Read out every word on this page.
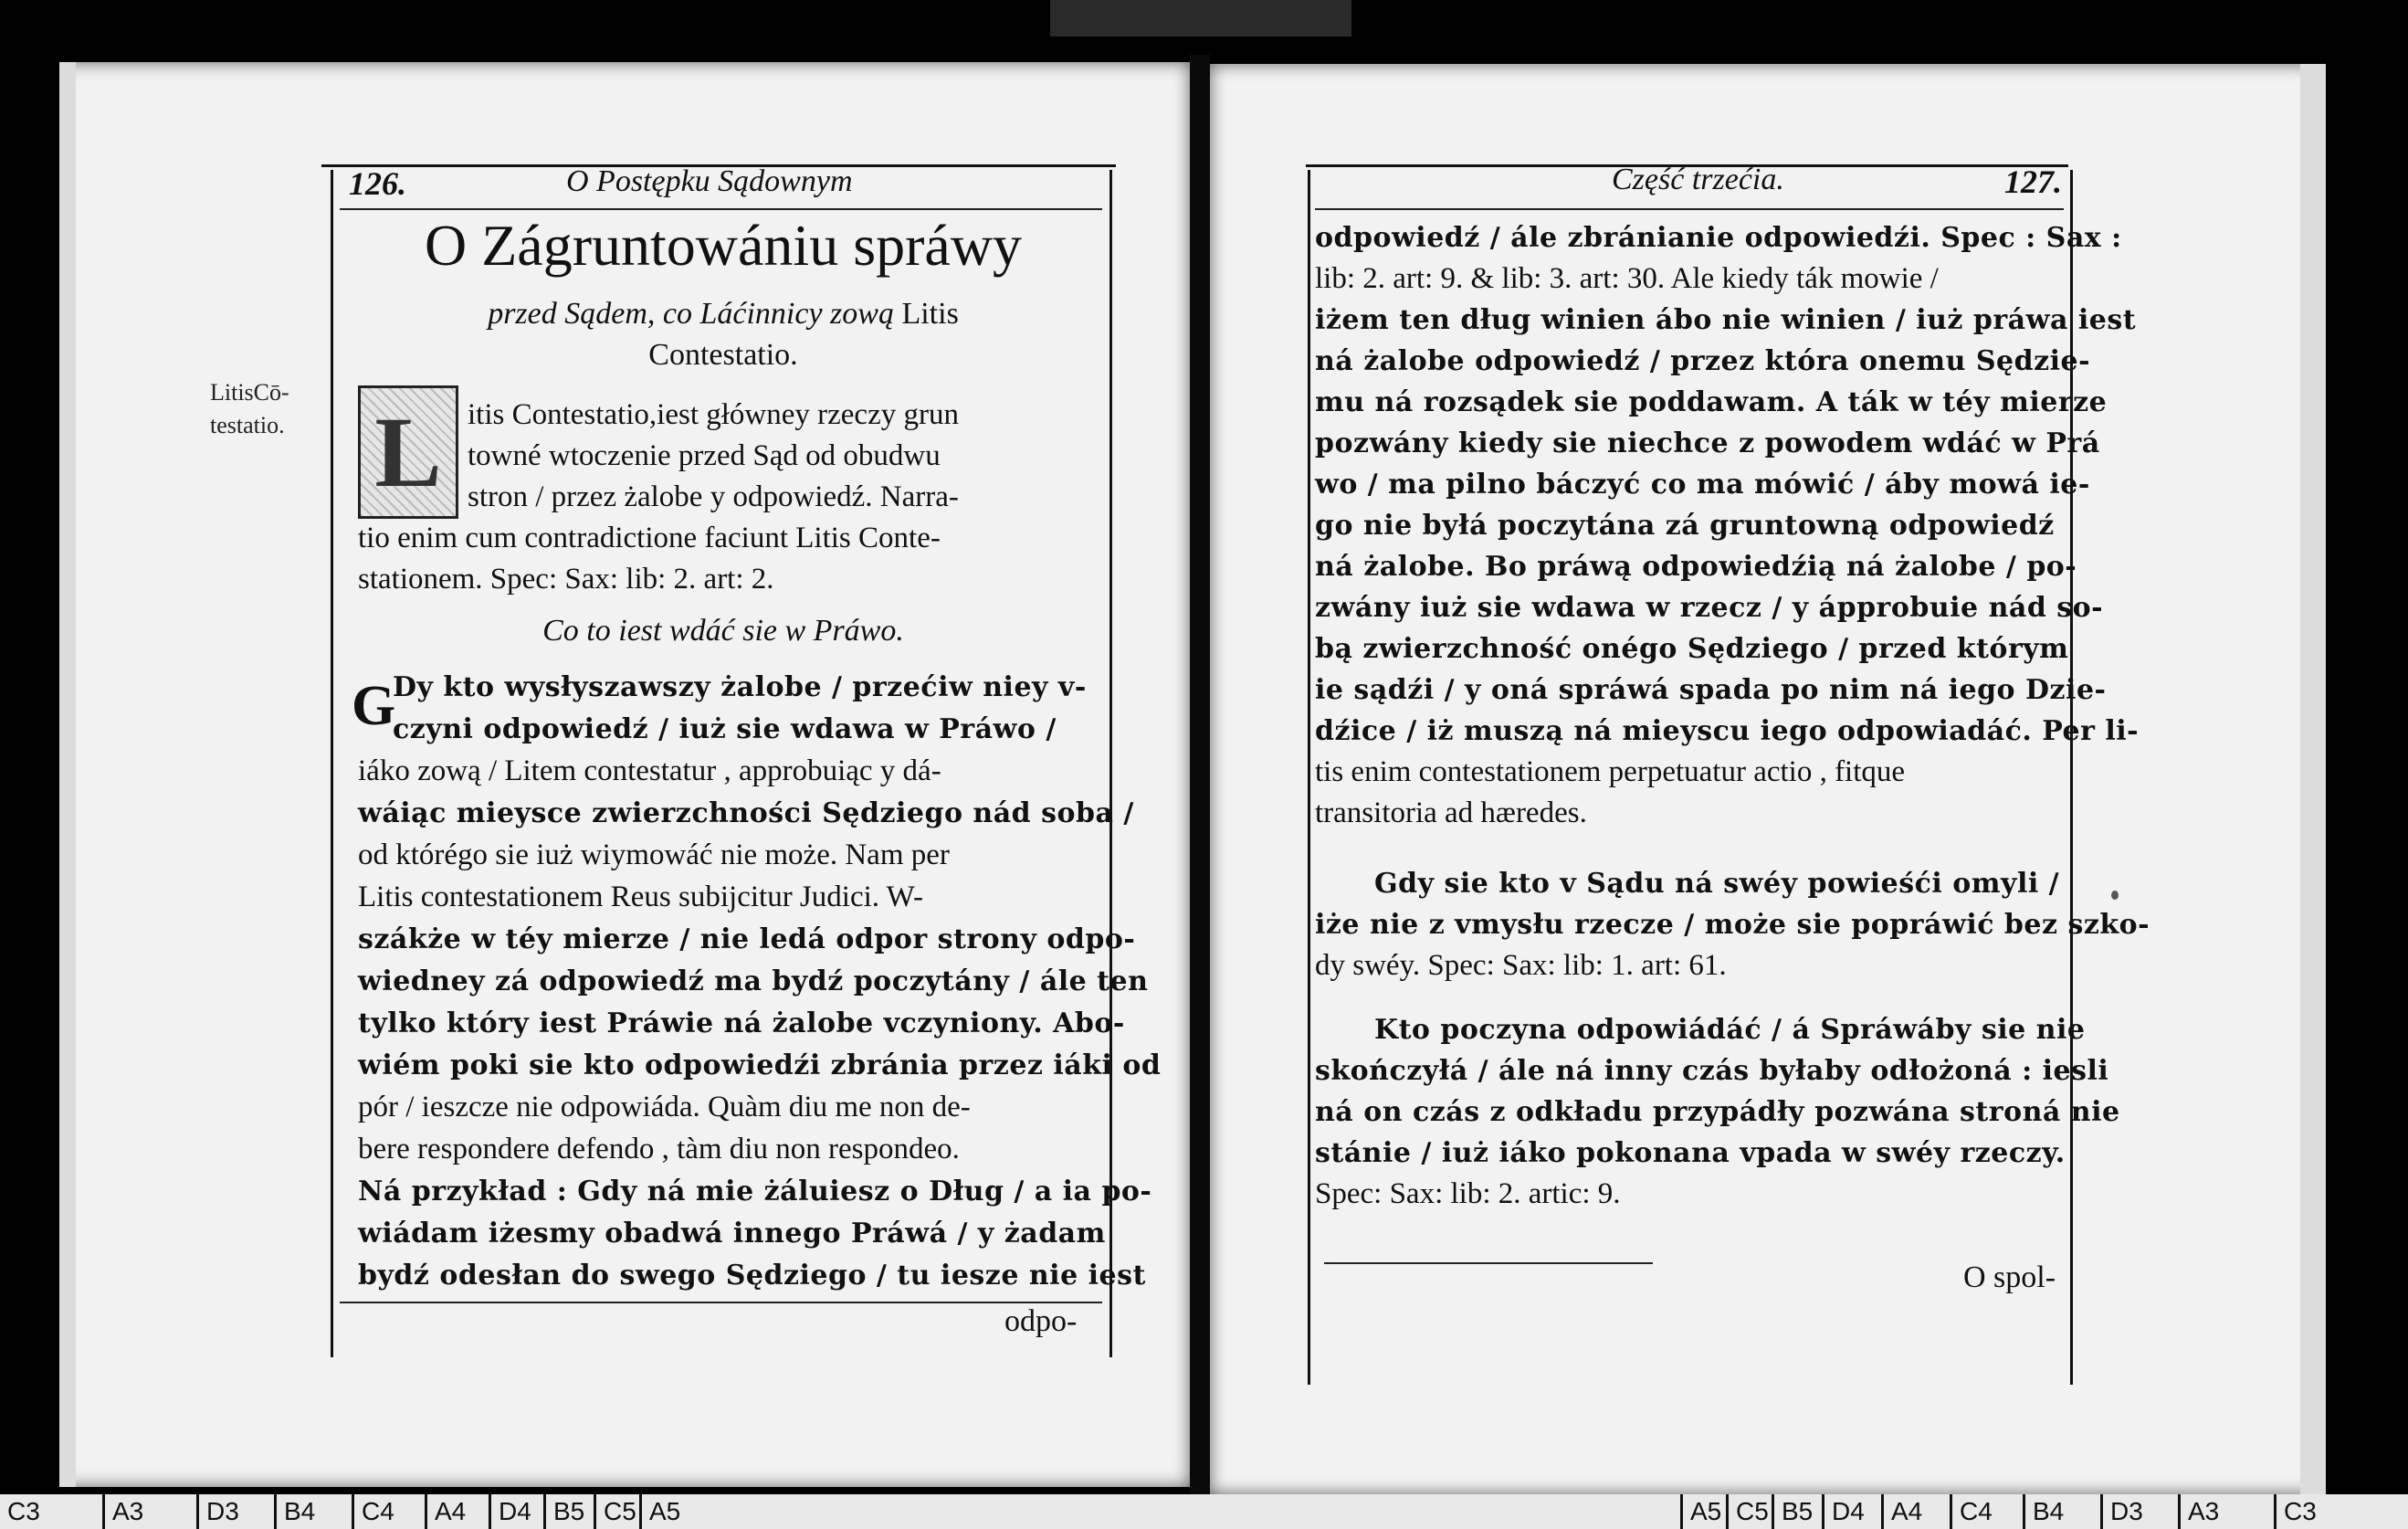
126.	O Postępku Sądownym
O Zágruntowániu spráwy
przed Sądem, co Láćinnicy zową Litis
Contestatio.
LitisCō-
testatio. L itis Contestatio,iest główney rzeczy grun
towné wtoczenie przed Sąd od obudwu
stron / przez żalobe y odpowiedź. Narra-
tio enim cum contradictione faciunt Litis Conte-
stationem. Spec: Sax: lib: 2. art: 2.
Co to iest wdáć sie w Práwo.
G
Dy kto wysłyszawszy żalobe / przećiw niey v-
czyni odpowiedź / iuż sie wdawa w Práwo /
iáko zową / Litem contestatur , approbuiąc y dá-
wáiąc mieysce zwierzchności Sędziego nád soba /
od którégo sie iuż wiymowáć nie może. Nam per
Litis contestationem Reus subijcitur Judici. W-
szákże w téy mierze / nie ledá odpor strony odpo-
wiedney zá odpowiedź ma bydź poczytány / ále ten
tylko który iest Práwie ná żalobe vczyniony. Abo-
wiém poki sie kto odpowiedźi zbránia przez iáki od
pór / ieszcze nie odpowiáda. Quàm diu me non de-
bere respondere defendo , tàm diu non respondeo.
Ná przykład : Gdy ná mie żáluiesz o Dług / a ia po-
wiádam iżesmy obadwá innego Práwá / y żadam
bydź odesłan do swego Sędziego / tu iesze nie iest
odpo-
Część trzećia.	127.
odpowiedź / ále zbránianie odpowiedźi. Spec : Sax :
lib: 2. art: 9. & lib: 3. art: 30. Ale kiedy ták mowie /
iżem ten dług winien ábo nie winien / iuż práwa iest
ná żalobe odpowiedź / przez która onemu Sędzie-
mu ná rozsądek sie poddawam. A ták w téy mierze
pozwány kiedy sie niechce z powodem wdáć w Prá
wo / ma pilno báczyć co ma mówić / áby mowá ie-
go nie byłá poczytána zá gruntowną odpowiedź
ná żalobe. Bo práwą odpowiedźią ná żalobe / po-
zwány iuż sie wdawa w rzecz / y ápprobuie nád so-
bą zwierzchność onégo Sędziego / przed którym
ie sądźi / y oná spráwá spada po nim ná iego Dzie-
dźice / iż muszą ná mieyscu iego odpowiadáć. Per li-
tis enim contestationem perpetuatur actio , fitque
transitoria ad hæredes.
Gdy sie kto v Sądu ná swéy powieśći omyli /
iże nie z vmysłu rzecze / może sie popráwić bez szko-
dy swéy. Spec: Sax: lib: 1. art: 61.
Kto poczyna odpowiádáć / á Spráwáby sie nie
skończyłá / ále ná inny czás byłaby odłożoná : iesli
ná on czás z odkładu przypádły pozwána stroná nie
stánie / iuż iáko pokonana vpada w swéy rzeczy.
Spec: Sax: lib: 2. artic: 9.
O spol-
C3	A3	D3	B4	C4	A4	D4 B5 C5 A5	A5 C5 B5 D4	A4	C4	B4	D3	A3	C3
